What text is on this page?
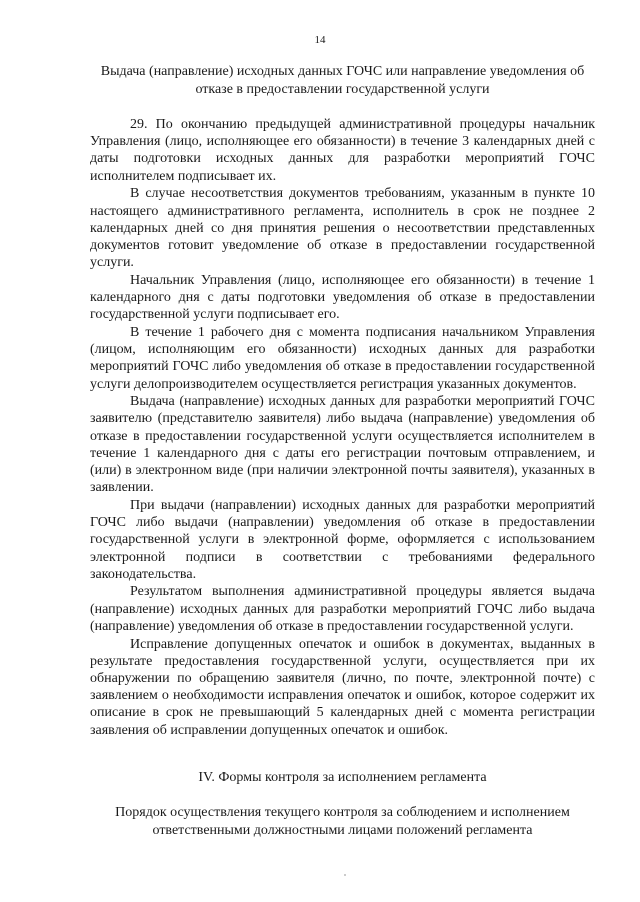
14
Выдача (направление) исходных данных ГОЧС или направление уведомления об отказе в предоставлении государственной услуги

29. По окончанию предыдущей административной процедуры начальник Управления (лицо, исполняющее его обязанности) в течение 3 календарных дней с даты подготовки исходных данных для разработки мероприятий ГОЧС исполнителем подписывает их.

В случае несоответствия документов требованиям, указанным в пункте 10 настоящего административного регламента, исполнитель в срок не позднее 2 календарных дней со дня принятия решения о несоответствии представленных документов готовит уведомление об отказе в предоставлении государственной услуги.

Начальник Управления (лицо, исполняющее его обязанности) в течение 1 календарного дня с даты подготовки уведомления об отказе в предоставлении государственной услуги подписывает его.

В течение 1 рабочего дня с момента подписания начальником Управления (лицом, исполняющим его обязанности) исходных данных для разработки мероприятий ГОЧС либо уведомления об отказе в предоставлении государственной услуги делопроизводителем осуществляется регистрация указанных документов.

Выдача (направление) исходных данных для разработки мероприятий ГОЧС заявителю (представителю заявителя) либо выдача (направление) уведомления об отказе в предоставлении государственной услуги осуществляется исполнителем в течение 1 календарного дня с даты его регистрации почтовым отправлением, и (или) в электронном виде (при наличии электронной почты заявителя), указанных в заявлении.

При выдачи (направлении) исходных данных для разработки мероприятий ГОЧС либо выдачи (направлении) уведомления об отказе в предоставлении государственной услуги в электронной форме, оформляется с использованием электронной подписи в соответствии с требованиями федерального законодательства.

Результатом выполнения административной процедуры является выдача (направление) исходных данных для разработки мероприятий ГОЧС либо выдача (направление) уведомления об отказе в предоставлении государственной услуги.

Исправление допущенных опечаток и ошибок в документах, выданных в результате предоставления государственной услуги, осуществляется при их обнаружении по обращению заявителя (лично, по почте, электронной почте) с заявлением о необходимости исправления опечаток и ошибок, которое содержит их описание в срок не превышающий 5 календарных дней с момента регистрации заявления об исправлении допущенных опечаток и ошибок.

IV. Формы контроля за исполнением регламента
Порядок осуществления текущего контроля за соблюдением и исполнением ответственными должностными лицами положений регламента
